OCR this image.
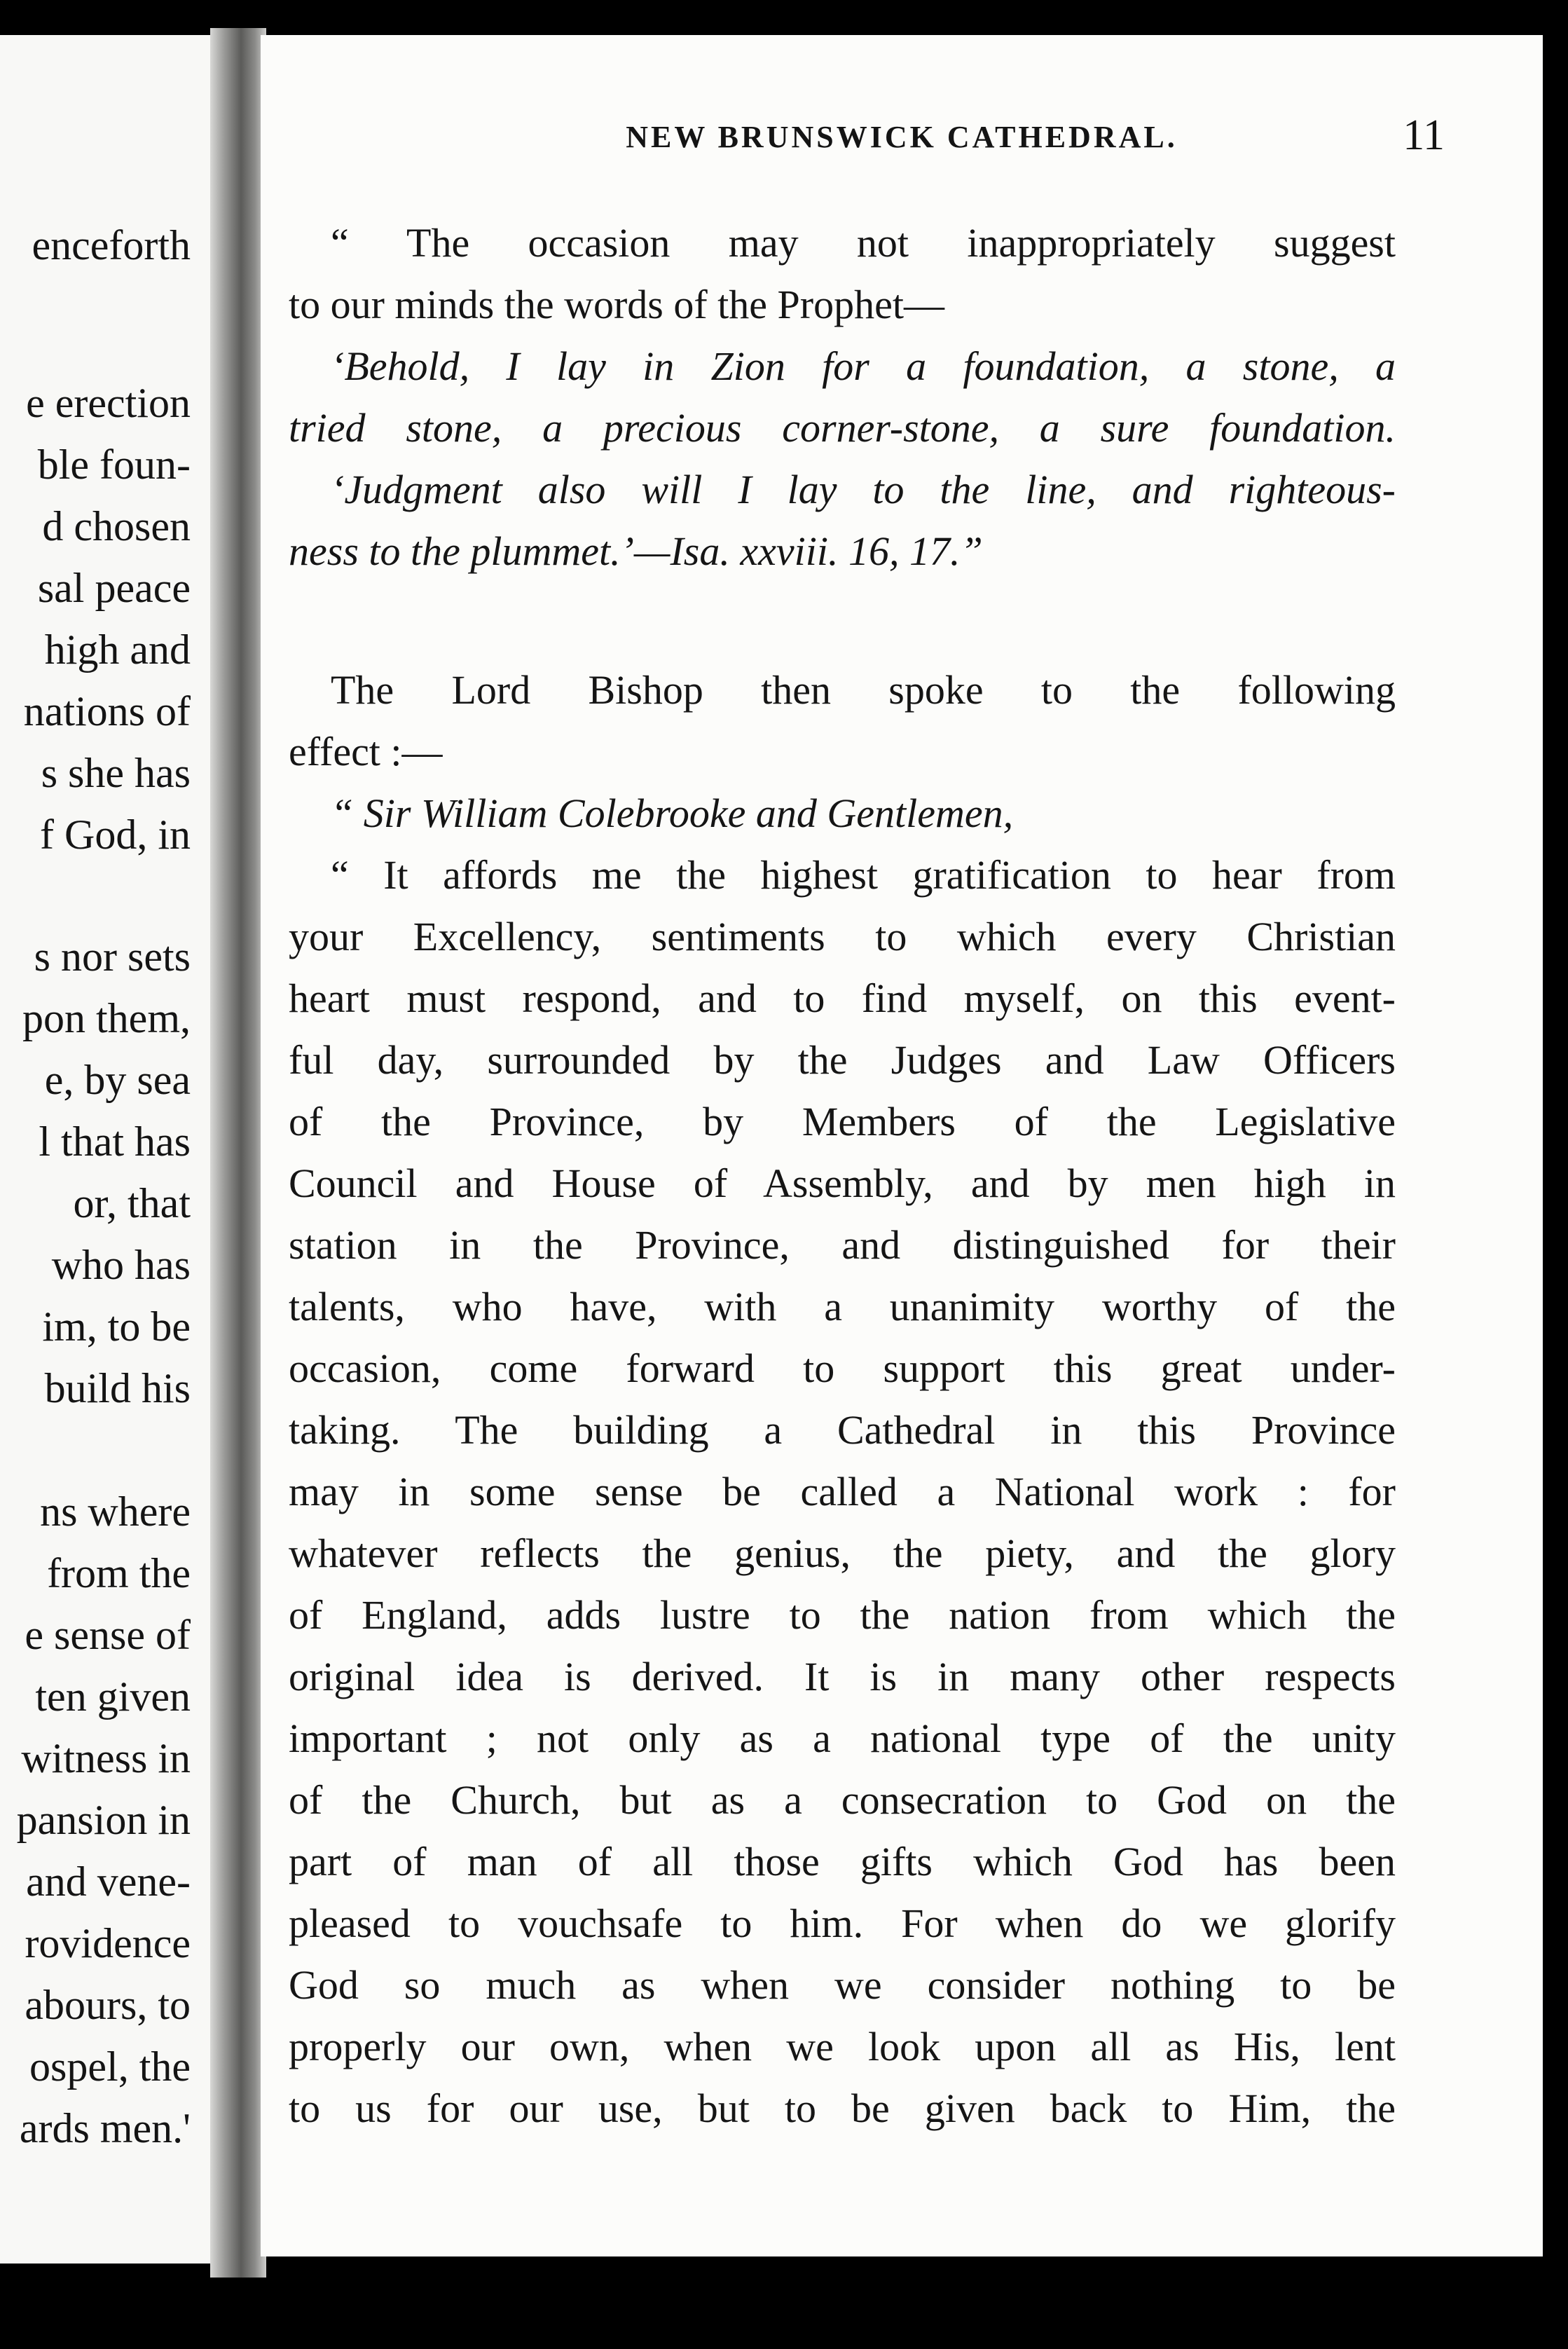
enceforth
e erection
ble foun-
d chosen
sal peace
high and
nations of
s she has
f God, in
s nor sets
pon them,
e, by sea
l that has
or, that
who has
im, to be
build his
ns where
from the
e sense of
ten given
witness in
pansion in
and vene-
rovidence
abours, to
ospel, the
ards men.'
NEW BRUNSWICK CATHEDRAL.	11
“ The occasion may not inappropriately suggest
to our minds the words of the Prophet—
‘Behold, I lay in Zion for a foundation, a stone, a
tried stone, a precious corner-stone, a sure foundation.
‘Judgment also will I lay to the line, and righteous-
ness to the plummet.’—Isa. xxviii. 16, 17.”
The Lord Bishop then spoke to the following
effect :—
“ Sir William Colebrooke and Gentlemen,
“ It affords me the highest gratification to hear from
your Excellency, sentiments to which every Christian
heart must respond, and to find myself, on this event-
ful day, surrounded by the Judges and Law Officers
of the Province, by Members of the Legislative
Council and House of Assembly, and by men high in
station in the Province, and distinguished for their
talents, who have, with a unanimity worthy of the
occasion, come forward to support this great under-
taking. The building a Cathedral in this Province
may in some sense be called a National work : for
whatever reflects the genius, the piety, and the glory
of England, adds lustre to the nation from which the
original idea is derived. It is in many other respects
important ; not only as a national type of the unity
of the Church, but as a consecration to God on the
part of man of all those gifts which God has been
pleased to vouchsafe to him. For when do we glorify
God so much as when we consider nothing to be
properly our own, when we look upon all as His, lent
to us for our use, but to be given back to Him, the
